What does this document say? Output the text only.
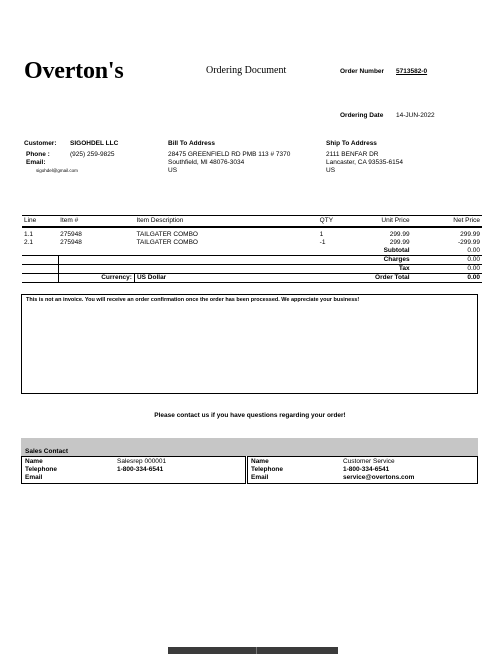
Overton's	Ordering Document	Order Number 5713582-0
Ordering Date 14-JUN-2022
Customer: SIGOHDEL LLC
Phone :	(925) 259-9825
Email:
sigohdel@gmail.com
Bill To Address
28475 GREENFIELD RD PMB 113 # 7370
Southfield, MI 48076-3034
US
Ship To Address
2111 BENFAR DR
Lancaster, CA 93535-6154
US
Line	Item #	Item Description	QTY	Unit Price	Net Price
1.1	275948	TAILGATER COMBO	1	299.99	299.99
2.1	275948	TAILGATER COMBO	-1	299.99	-299.99
Subtotal					0.00
	Charges				0.00
	Tax				0.00
	Currency:	US Dollar	Order Total		0.00
This is not an invoice. You will receive an order confirmation once the order has been processed. We appreciate your business!
Please contact us if you have questions regarding your order!
Sales Contact
Name	Salesrep 000001
Telephone	1-800-334-6541
Email
Name	Customer Service
Telephone	1-800-334-6541
Email	service@overtons.com
